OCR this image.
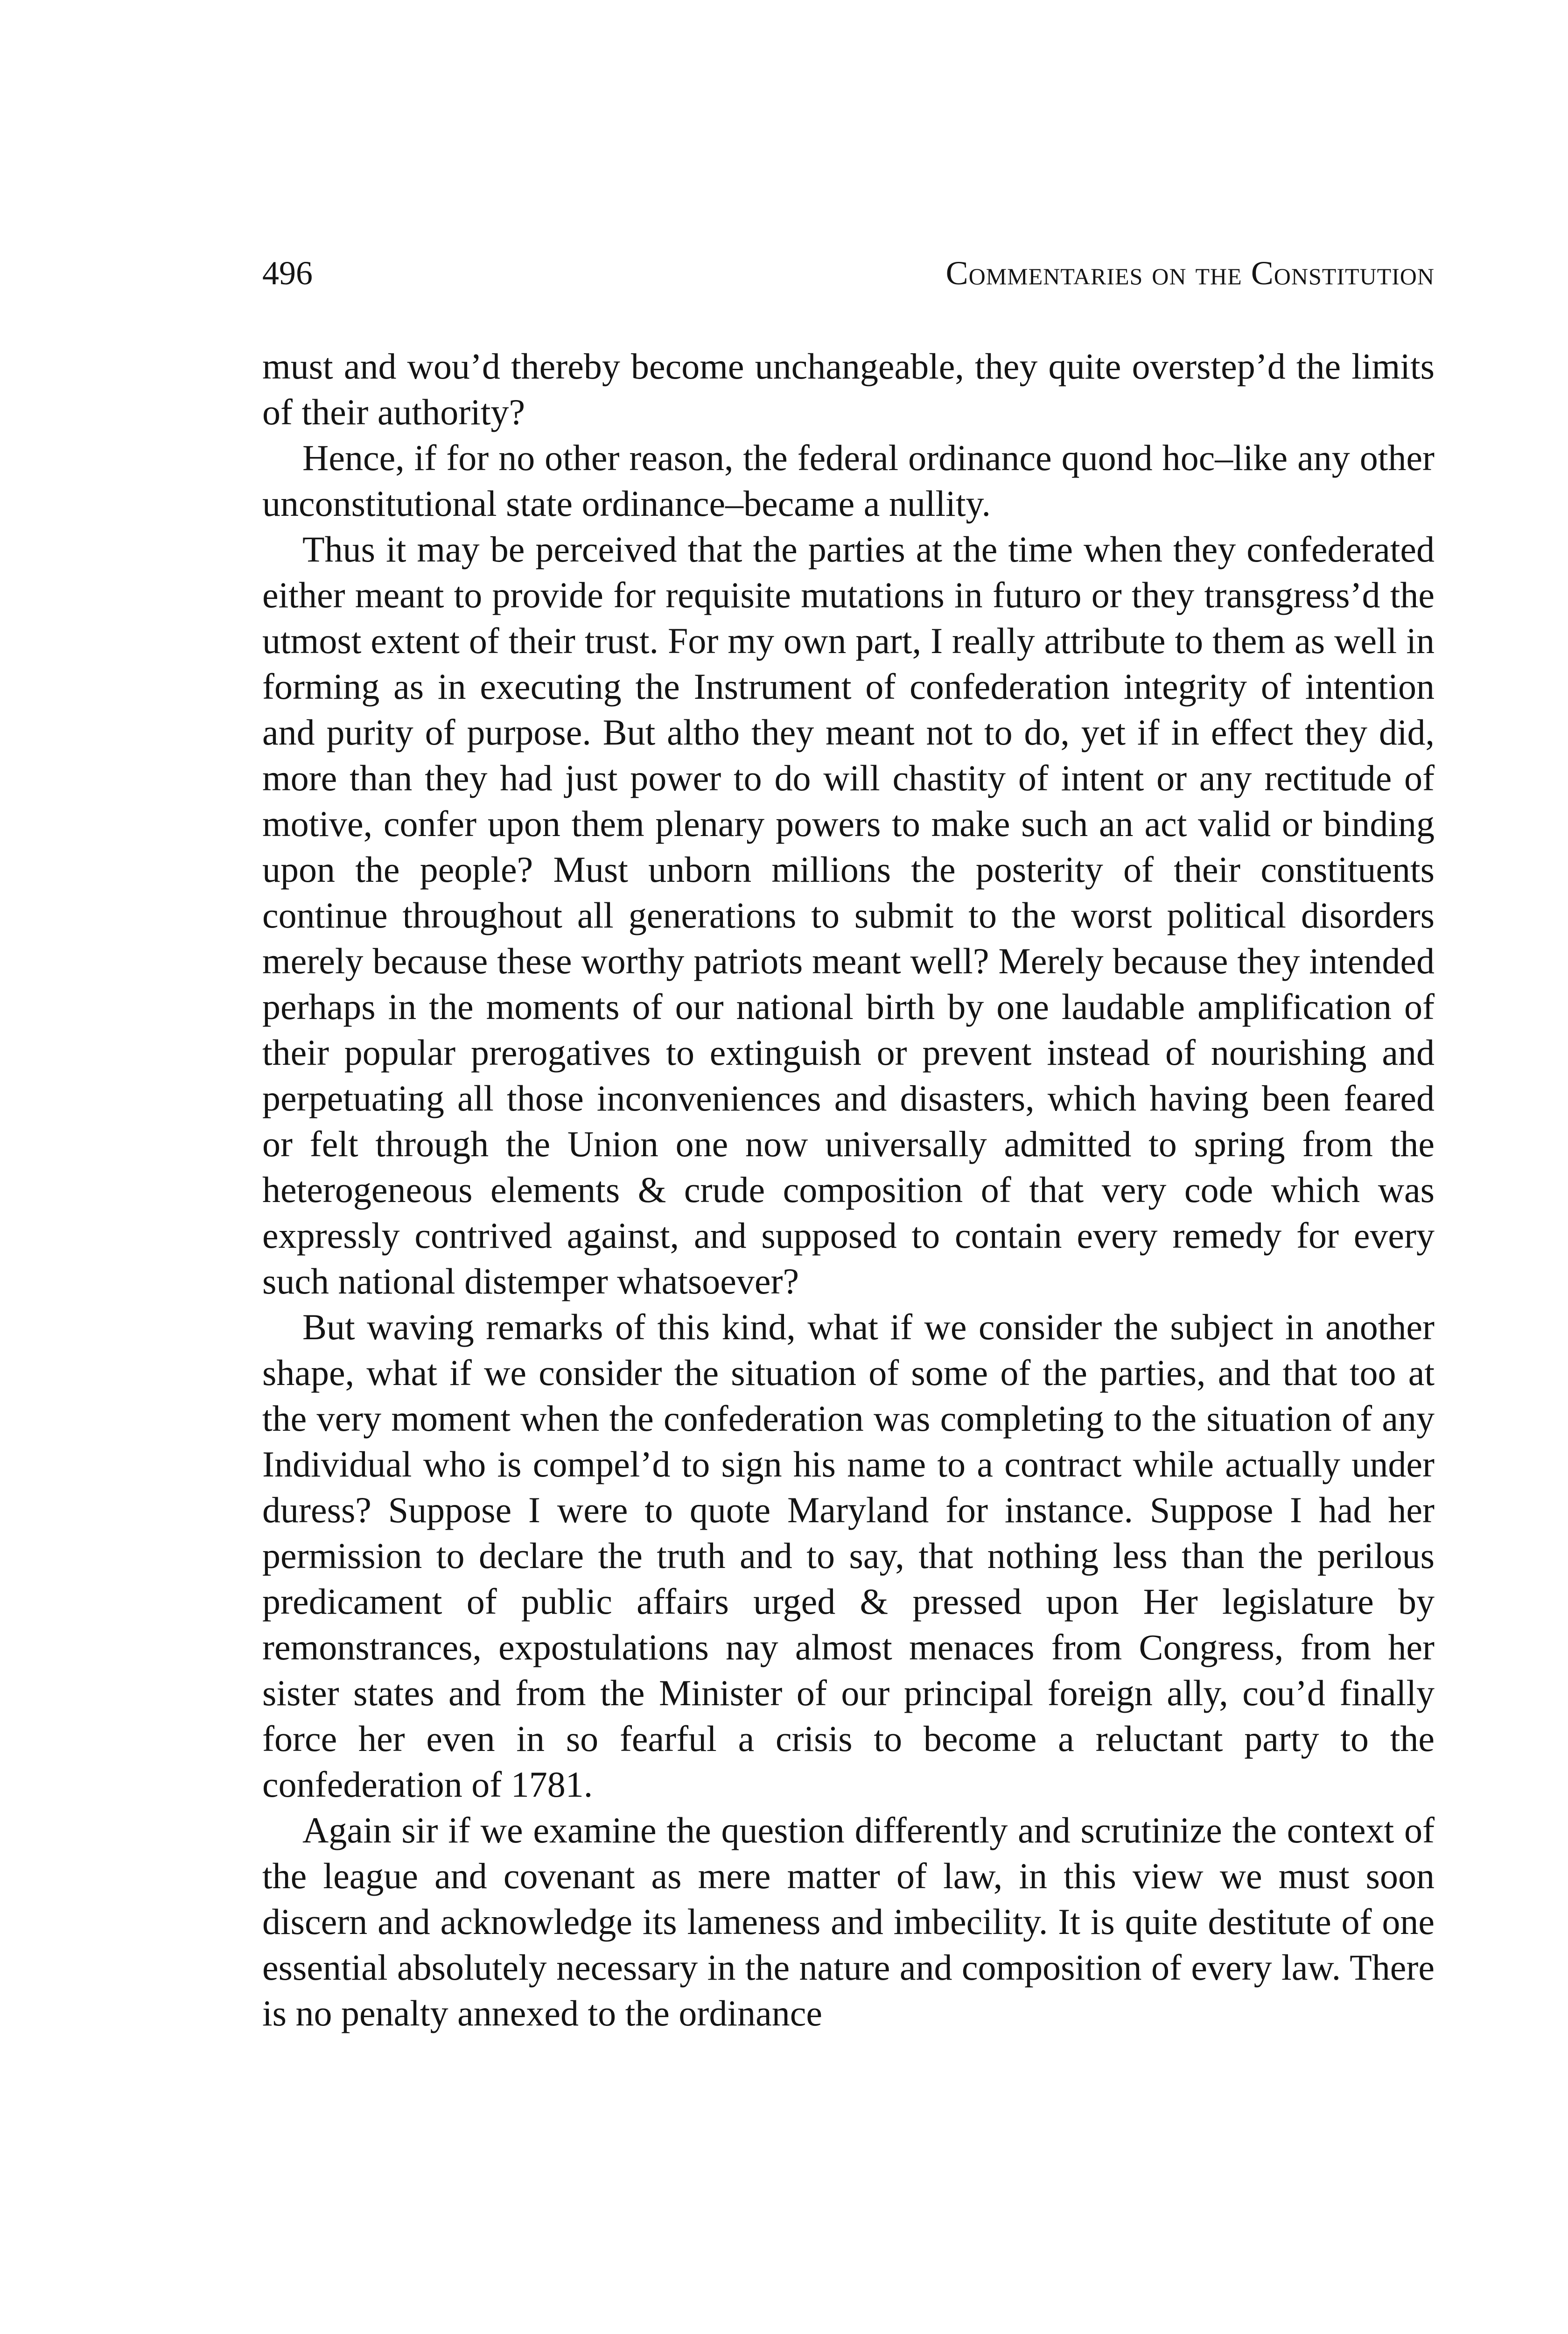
496	Commentaries on the Constitution

must and wou’d thereby become unchangeable, they quite overstep’d the limits of their authority?

Hence, if for no other reason, the federal ordinance quond hoc–like any other unconstitutional state ordinance–became a nullity.

Thus it may be perceived that the parties at the time when they confederated either meant to provide for requisite mutations in futuro or they transgress’d the utmost extent of their trust. For my own part, I really attribute to them as well in forming as in executing the Instrument of confederation integrity of intention and purity of purpose. But altho they meant not to do, yet if in effect they did, more than they had just power to do will chastity of intent or any rectitude of motive, confer upon them plenary powers to make such an act valid or binding upon the people? Must unborn millions the posterity of their constituents continue throughout all generations to submit to the worst political disorders merely because these worthy patriots meant well? Merely because they intended perhaps in the moments of our national birth by one laudable amplification of their popular prerogatives to extinguish or prevent instead of nourishing and perpetuating all those inconveniences and disasters, which having been feared or felt through the Union one now universally admitted to spring from the heterogeneous elements & crude composition of that very code which was expressly contrived against, and supposed to contain every remedy for every such national distemper whatsoever?

But waving remarks of this kind, what if we consider the subject in another shape, what if we consider the situation of some of the parties, and that too at the very moment when the confederation was completing to the situation of any Individual who is compel’d to sign his name to a contract while actually under duress? Suppose I were to quote Maryland for instance. Suppose I had her permission to declare the truth and to say, that nothing less than the perilous predicament of public affairs urged & pressed upon Her legislature by remonstrances, expostulations nay almost menaces from Congress, from her sister states and from the Minister of our principal foreign ally, cou’d finally force her even in so fearful a crisis to become a reluctant party to the confederation of 1781.

Again sir if we examine the question differently and scrutinize the context of the league and covenant as mere matter of law, in this view we must soon discern and acknowledge its lameness and imbecility. It is quite destitute of one essential absolutely necessary in the nature and composition of every law. There is no penalty annexed to the ordinance
